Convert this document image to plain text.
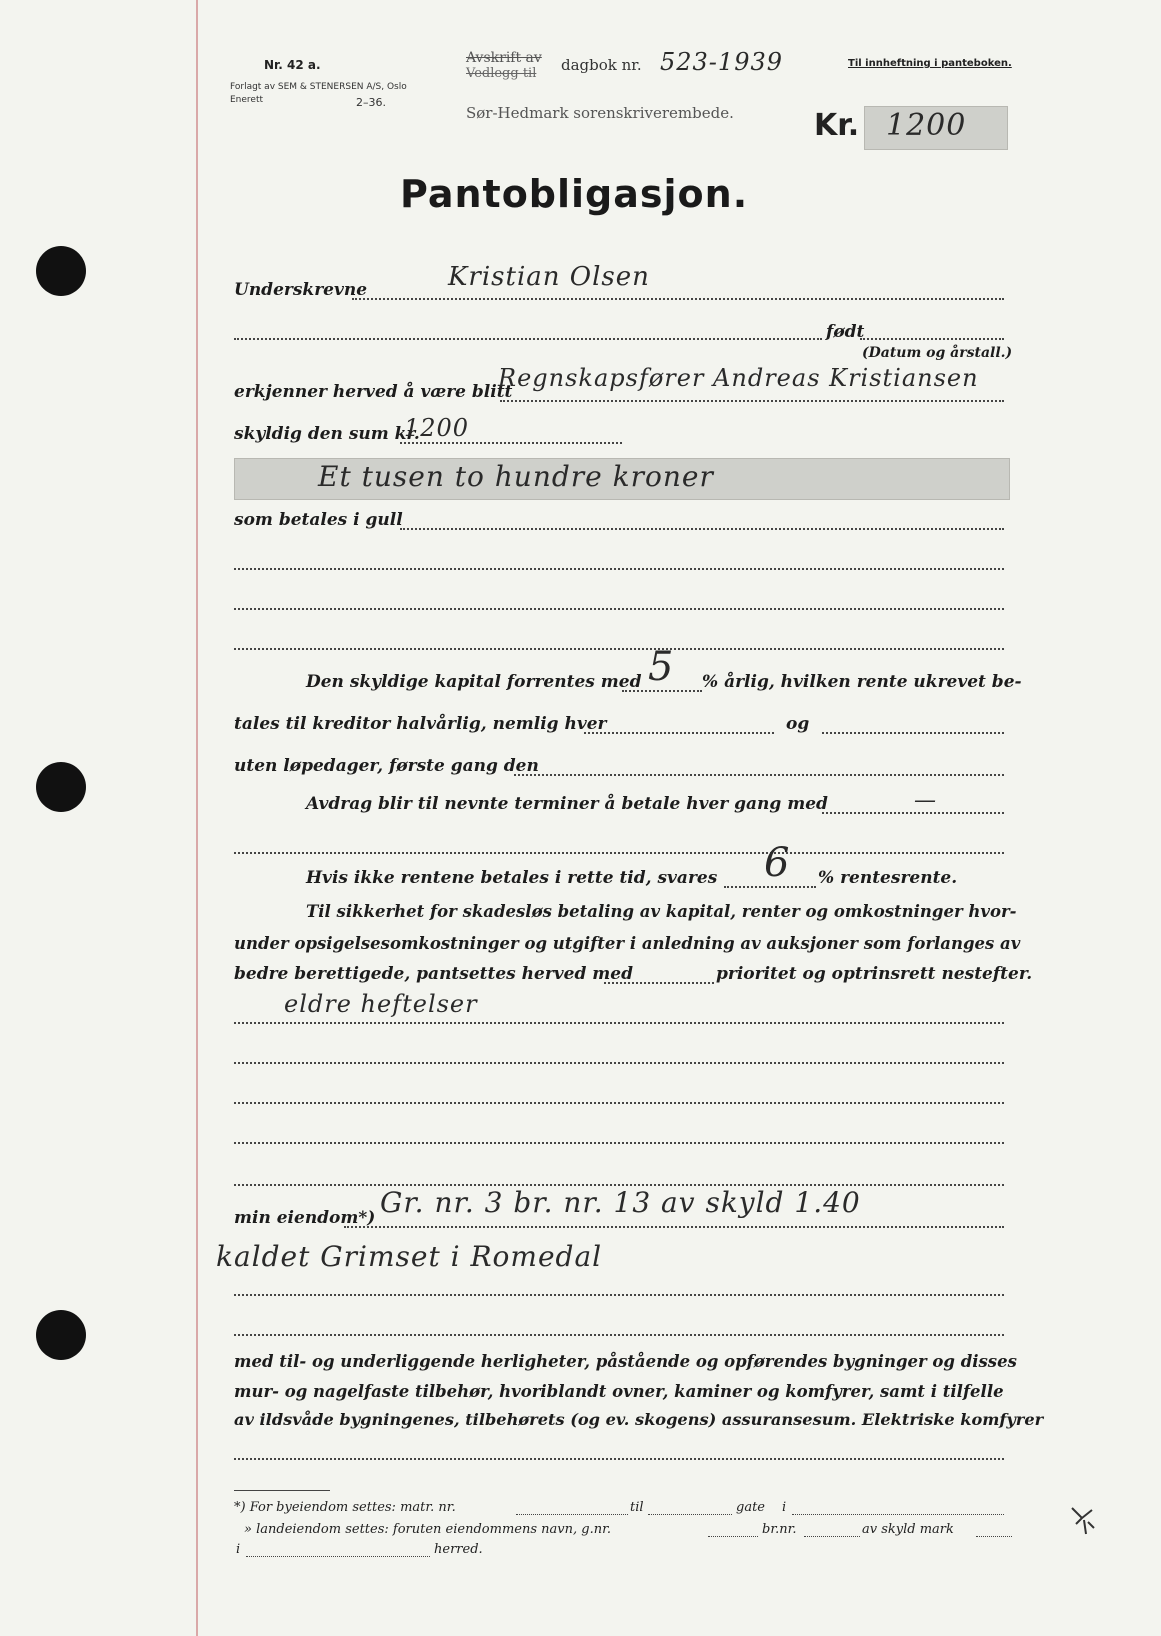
Nr. 42 a.
Forlagt av SEM & STENERSEN A/S, Oslo
Enerett	2–36.
Avskrift av
Vedlegg til dagbok nr. 523-1939
Sør-Hedmark sorenskriverembede.
Til innheftning i panteboken.
Kr. 1200
Pantobligasjon.
Underskrevne	Kristian Olsen
født
(Datum og årstall.)
erkjenner herved å være blitt
Regnskapsfører Andreas Kristiansen
skyldig den sum kr.
1200
Et tusen to hundre kroner
som betales i gull
Den skyldige kapital forrentes med 5 % årlig, hvilken rente ukrevet be-
tales til kreditor halvårlig, nemlig hver	og
uten løpedager, første gang den
Avdrag blir til nevnte terminer å betale hver gang med	—
Hvis ikke rentene betales i rette tid, svares 6 % rentesrente.
Til sikkerhet for skadesløs betaling av kapital, renter og omkostninger hvor-
under opsigelsesomkostninger og utgifter i anledning av auksjoner som forlanges av
bedre berettigede, pantsettes herved med	prioritet og optrinsrett nestefter.
eldre heftelser
min eiendom*) Gr. nr. 3 br. nr. 13 av skyld 1.40
kaldet Grimset i Romedal
med til- og underliggende herligheter, påstående og opførendes bygninger og disses
mur- og nagelfaste tilbehør, hvoriblandt ovner, kaminer og komfyrer, samt i tilfelle
av ildsvåde bygningenes, tilbehørets (og ev. skogens) assuransesum. Elektriske komfyrer
*) For byeiendom settes: matr. nr.	til	gate i
» landeiendom settes: foruten eiendommens navn, g.nr.	br.nr.	av skyld mark
i	herred.
